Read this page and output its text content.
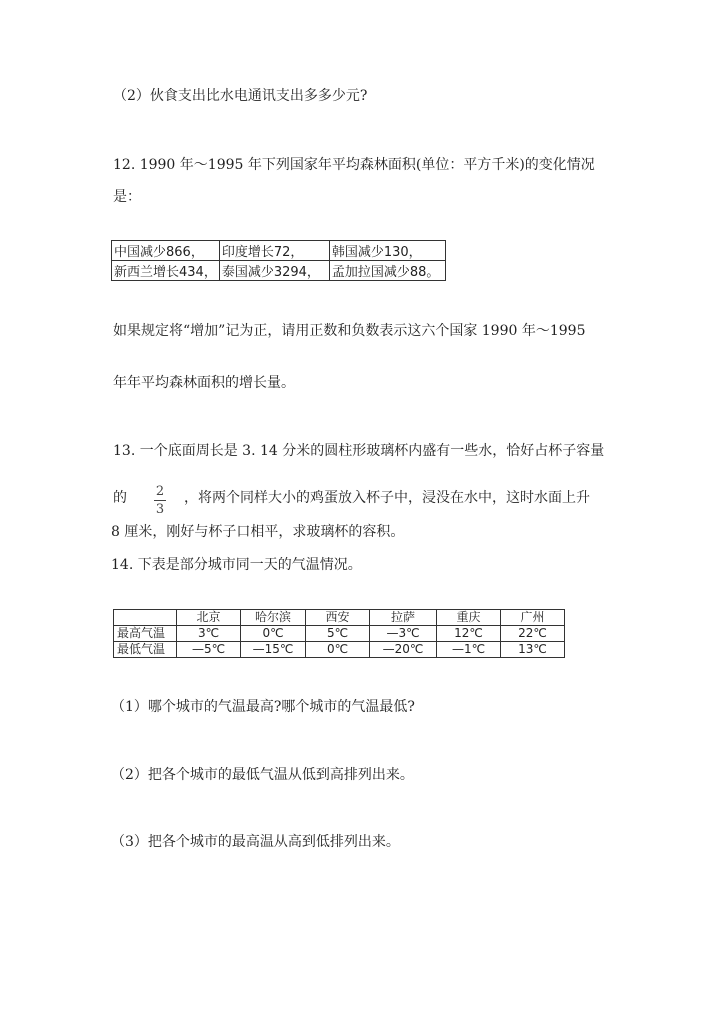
（2）伙食支出比水电通讯支出多多少元?
12. 1990 年～1995 年下列国家年平均森林面积(单位：平方千米)的变化情况
是：
中国减少866，	印度增长72，	韩国减少130，
新西兰增长434，	泰国减少3294，	孟加拉国减少88。
如果规定将“增加”记为正，请用正数和负数表示这六个国家 1990 年～1995
年年平均森林面积的增长量。
13. 一个底面周长是 3. 14 分米的圆柱形玻璃杯内盛有一些水，恰好占杯子容量
的	2
3
，将两个同样大小的鸡蛋放入杯子中，浸没在水中，这时水面上升
8 厘米，刚好与杯子口相平，求玻璃杯的容积。
14. 下表是部分城市同一天的气温情况。
	北京	哈尔滨	西安	拉萨	重庆	广州
最高气温	3℃	0℃	5℃	—3℃	12℃	22℃
最低气温	—5℃	—15℃	0℃	—20℃	—1℃	13℃
（1）哪个城市的气温最高?哪个城市的气温最低?
（2）把各个城市的最低气温从低到高排列出来。
（3）把各个城市的最高温从高到低排列出来。
